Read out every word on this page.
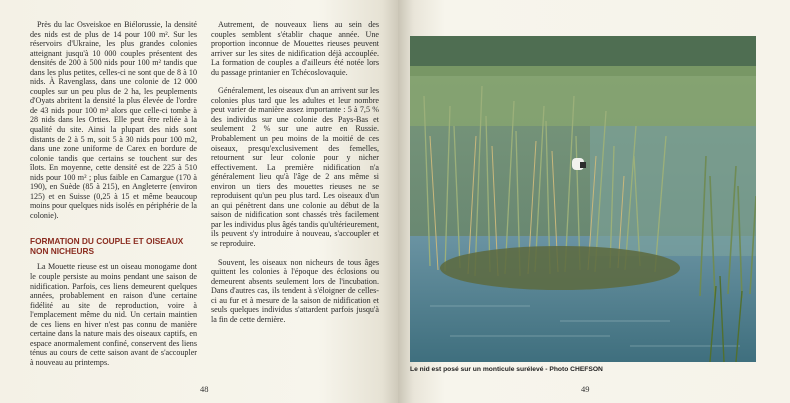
Près du lac Osveiskoe en Biélorussie, la densité des nids est de plus de 14 pour 100 m². Sur les réservoirs d'Ukraine, les plus grandes colonies atteignant jusqu'à 10 000 couples présentent des densités de 200 à 500 nids pour 100 m² tandis que dans les plus petites, celles-ci ne sont que de 8 à 10 nids. À Ravenglass, dans une colonie de 12 000 couples sur un peu plus de 2 ha, les peuplements d'Oyats abritent la densité la plus élevée de l'ordre de 43 nids pour 100 m² alors que celle-ci tombe à 28 nids dans les Orties. Elle peut être reliée à la qualité du site. Ainsi la plupart des nids sont distants de 2 à 5 m, soit 5 à 30 nids pour 100 m2, dans une zone uniforme de Carex en bordure de colonie tandis que certains se touchent sur des îlots. En moyenne, cette densité est de 225 à 510 nids pour 100 m² ; plus faible en Camargue (170 à 190), en Suède (85 à 215), en Angleterre (environ 125) et en Suisse (0,25 à 15 et même beaucoup moins pour quelques nids isolés en périphérie de la colonie).

FORMATION DU COUPLE ET OISEAUX NON NICHEURS

La Mouette rieuse est un oiseau monogame dont le couple persiste au moins pendant une saison de nidification. Parfois, ces liens demeurent quelques années, probablement en raison d'une certaine fidélité au site de reproduction, voire à l'emplacement même du nid. Un certain maintien de ces liens en hiver n'est pas connu de manière certaine dans la nature mais des oiseaux captifs, en espace anormalement confiné, conservent des liens ténus au cours de cette saison avant de s'accoupler à nouveau au printemps.

Autrement, de nouveaux liens au sein des couples semblent s'établir chaque année. Une proportion inconnue de Mouettes rieuses peuvent arriver sur les sites de nidification déjà accouplée. La formation de couples a d'ailleurs été notée lors du passage printanier en Tchécoslovaquie.

Généralement, les oiseaux d'un an arrivent sur les colonies plus tard que les adultes et leur nombre peut varier de manière assez importante : 5 à 7,5 % des individus sur une colonie des Pays-Bas et seulement 2 % sur une autre en Russie. Probablement un peu moins de la moitié de ces oiseaux, presqu'exclusivement des femelles, retournent sur leur colonie pour y nicher effectivement. La première nidification n'a généralement lieu qu'à l'âge de 2 ans même si environ un tiers des mouettes rieuses ne se reproduisent qu'un peu plus tard. Les oiseaux d'un an qui pénètrent dans une colonie au début de la saison de nidification sont chassés très facilement par les individus plus âgés tandis qu'ultérieurement, ils peuvent s'y introduire à nouveau, s'accoupler et se reproduire.

Souvent, les oiseaux non nicheurs de tous âges quittent les colonies à l'époque des éclosions ou demeurent absents seulement lors de l'incubation. Dans d'autres cas, ils tendent à s'éloigner de celles-ci au fur et à mesure de la saison de nidification et seuls quelques individus s'attardent parfois jusqu'à la fin de cette dernière.

48
Le nid est posé sur un monticule surélevé - Photo CHEFSON
49
